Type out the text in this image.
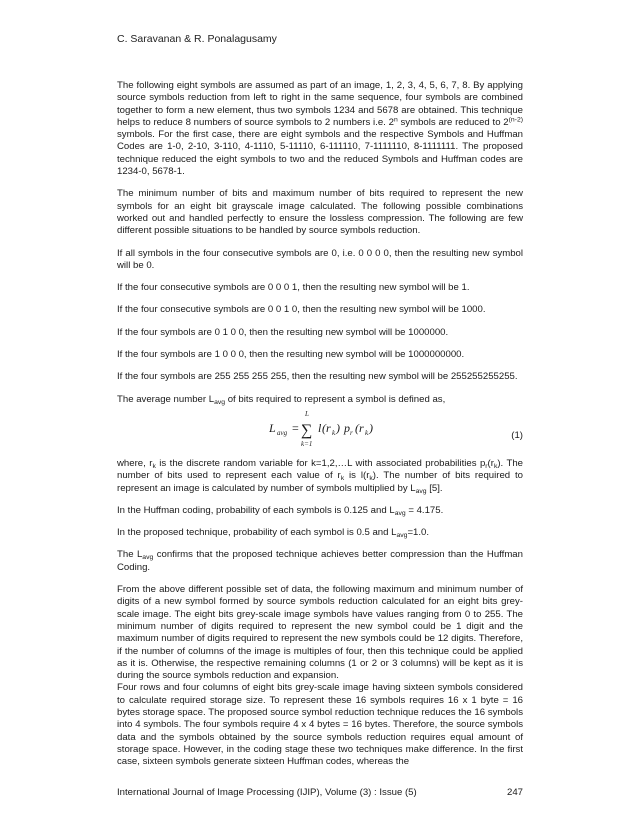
C. Saravanan & R. Ponalagusamy

The following eight symbols are assumed as part of an image, 1, 2, 3, 4, 5, 6, 7, 8. By applying source symbols reduction from left to right in the same sequence, four symbols are combined together to form a new element, thus two symbols 1234 and 5678 are obtained. This technique helps to reduce 8 numbers of source symbols to 2 numbers i.e. 2$^n$ symbols are reduced to 2$^{(n-2)}$ symbols. For the first case, there are eight symbols and the respective Symbols and Huffman Codes are 1-0, 2-10, 3-110, 4-1110, 5-11110, 6-111110, 7-1111110, 8-1111111. The proposed technique reduced the eight symbols to two and the reduced Symbols and Huffman codes are 1234-0, 5678-1.

The minimum number of bits and maximum number of bits required to represent the new symbols for an eight bit grayscale image calculated. The following possible combinations worked out and handled perfectly to ensure the lossless compression. The following are few different possible situations to be handled by source symbols reduction.

If all symbols in the four consecutive symbols are 0, i.e. 0 0 0 0, then the resulting new symbol will be 0.

If the four consecutive symbols are 0 0 0 1, then the resulting new symbol will be 1.

If the four consecutive symbols are 0 0 1 0, then the resulting new symbol will be 1000.

If the four symbols are 0 1 0 0, then the resulting new symbol will be 1000000.

If the four symbols are 1 0 0 0, then the resulting new symbol will be 1000000000.

If the four symbols are 255 255 255 255, then the resulting new symbol will be 255255255255.

The average number $L_{avg}$ of bits required to represent a symbol is defined as,

L avg =
L
∑
k=1
l (r k ) p r (r k )
(1)

where, $r_k$ is the discrete random variable for k=1,2,…L with associated probabilities $p_r(r_k)$. The number of bits used to represent each value of $r_k$ is $l(r_k)$. The number of bits required to represent an image is calculated by number of symbols multiplied by $L_{avg}$ [5].

In the Huffman coding, probability of each symbols is 0.125 and $L_{avg} = 4.175$.

In the proposed technique, probability of each symbol is 0.5 and $L_{avg}=1.0$.

The $L_{avg}$ confirms that the proposed technique achieves better compression than the Huffman Coding.

From the above different possible set of data, the following maximum and minimum number of digits of a new symbol formed by source symbols reduction calculated for an eight bits grey-scale image. The eight bits grey-scale image symbols have values ranging from 0 to 255. The minimum number of digits required to represent the new symbol could be 1 digit and the maximum number of digits required to represent the new symbols could be 12 digits. Therefore, if the number of columns of the image is multiples of four, then this technique could be applied as it is. Otherwise, the respective remaining columns (1 or 2 or 3 columns) will be kept as it is during the source symbols reduction and expansion.

Four rows and four columns of eight bits grey-scale image having sixteen symbols considered to calculate required storage size. To represent these 16 symbols requires 16 x 1 byte = 16 bytes storage space. The proposed source symbol reduction technique reduces the 16 symbols into 4 symbols. The four symbols require 4 x 4 bytes = 16 bytes. Therefore, the source symbols data and the symbols obtained by the source symbols reduction requires equal amount of storage space. However, in the coding stage these two techniques make difference. In the first case, sixteen symbols generate sixteen Huffman codes, whereas the

International Journal of Image Processing (IJIP), Volume (3) : Issue (5)	247
